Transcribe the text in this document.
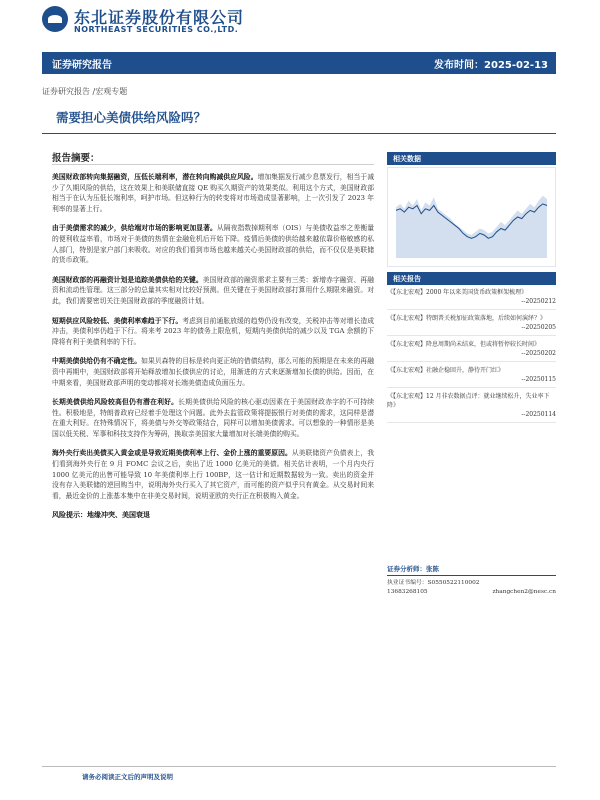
东北证券股份有限公司
NORTHEAST SECURITIES CO.,LTD.
证券研究报告	发布时间：2025-02-13
证券研究报告 /宏观专题
需要担心美债供给风险吗？
报告摘要：

美国财政部转向集据融资，压低长端利率，潜在转向购减供应风险。增加集据发行减少息票发行，相当于减少了久期风险的供给，这在效果上和美联储直接 QE 购买久期资产的效果类似。利用这个方式，美国财政部相当于在认为压低长端利率，呵护市场。但这种行为的转变将对市场造成显著影响，上一次引发了 2023 年利率的显著上行。

由于美债需求的减少，供给端对市场的影响更加显著。从隔夜指数掉期利率（OIS）与美债收益率之差衡量的便利收益率看，市场对于美债的热情在金融危机后开始下降。疫情后美债的供给越来越依靠价格敏感的私人部门，特别是家户部门来吸收。对应的我们看到市场也越来越关心美国财政部的供给，而不仅仅是美联储的货币政策。

美国财政部的再融资计划是追踪美债供给的关键。美国财政部的融资需求主要有三类：新增赤字融资、再融资和流动性管理。这三部分的总量其实相对比较好预测。但关键在于美国财政部打算用什么期限来融资。对此，我们需要密切关注美国财政部的季度融资计划。

短期供应风险较低、美债利率难趋于下行。考虑到目前通胀放缓的趋势仍没有改变，关税冲击等对增长造成冲击，美债利率仍趋于下行。将来考 2023 年的债务上限危机，短期内美债供给的减少以及 TGA 余额的下降将有利于美债利率的下行。

中期美债供给仍有不确定性。如果贝森特的目标是转向更正统的借债结构，那么可能的预期是在未来的再融资中再期中，美国财政部将开始释放增加长债供应的讨论，用渐进的方式来逐渐增加长债的供给。因而，在中期来看，美国财政部声明的变动都将对长端美债造成负面压力。

长期美债供给风险较高但仍有潜在利好。长期美债供给风险的核心驱动因素在于美国财政赤字的不可持续性。积极地是，特朗普政府已经着手处理这个问题。此外去监管政策将提振银行对美债的需求，这同样是潜在重大利好。在特殊情况下，将美债与外交等政策结合，同样可以增加美债需求。可以想象的一种情形是美国以低关税、军事和科技支持作为筹码，换取亲美国家大量增加对长端美债的购买。

海外央行卖出美债买入黄金或是导致近期美债利率上行、金价上涨的重要原因。从美联储资产负债表上，我们看到海外央行在 9 月 FOMC 会议之后，卖出了近 1000 亿美元的美债。相关估计表明，一个月内央行 1000 亿美元的出售可能导致 10 年美债利率上行 100BP，这一估计和近期数据较为一致。卖出的资金并没有存入美联储的逆回购当中，说明海外央行买入了其它资产，而可能的资产似乎只有黄金。从交易时间来看，最近金价的上涨基本集中在非美交易时间，说明亚欧的央行正在积极购入黄金。

风险提示：地缘冲突、美国衰退

相关数据
相关报告
《【东北宏观】2000 年以来美国货币政策框架梳理》
--20250212
《【东北宏观】特朗普关税加征政策落地，后续如何演绎？》
--20250205
《【东北宏观】降息周期尚未结束，但或将暂停较长时间》
--20250202
《【东北宏观】社融企稳回升，静待开门红》
--20250115
《【东北宏观】12 月非农数据点评：就业继续松升，失业率下降》
--20250114
证券分析师：张陈
执业证书编号：S0550522110002
13683268105	zhangchen2@nesc.cn
请务必阅读正文后的声明及说明
